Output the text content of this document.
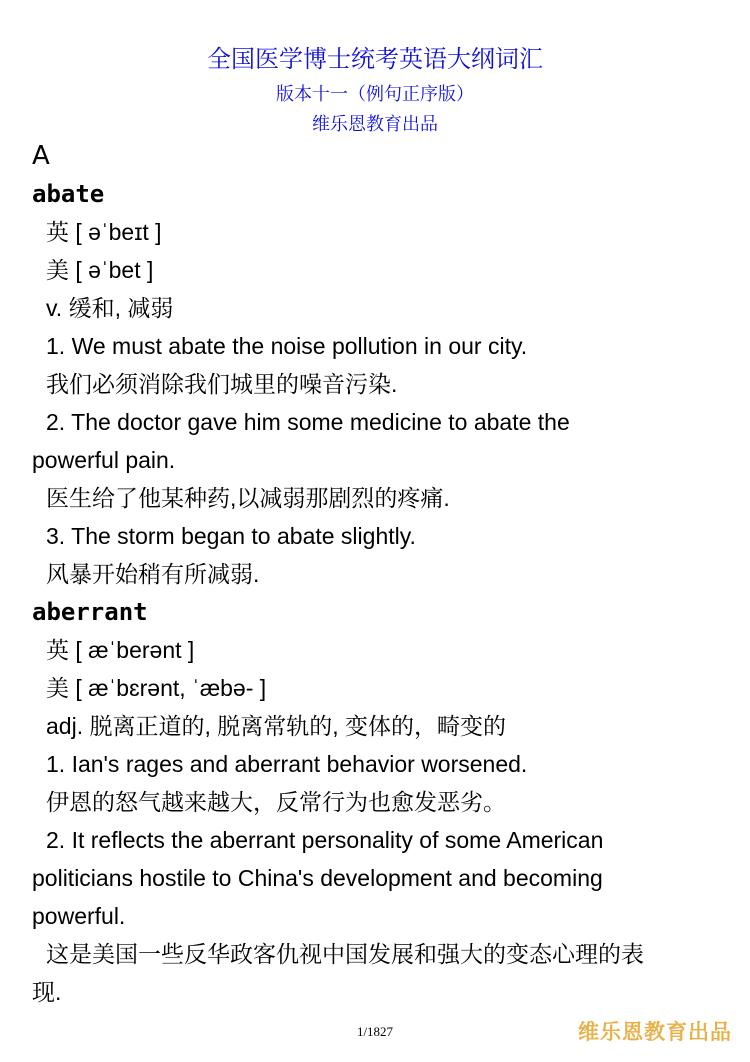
全国医学博士统考英语大纲词汇
版本十一（例句正序版）
维乐恩教育出品
A
abate
英 [ əˈbeɪt ]
美 [ əˈbet ]
v. 缓和, 减弱
1. We must abate the noise pollution in our city.
我们必须消除我们城里的噪音污染.
2. The doctor gave him some medicine to abate the
powerful pain.
医生给了他某种药,以减弱那剧烈的疼痛.
3. The storm began to abate slightly.
风暴开始稍有所减弱.
aberrant
英 [ æˈberənt ]
美 [ æˈbɛrənt, ˈæbə- ]
adj. 脱离正道的, 脱离常轨的, 变体的，畸变的
1. Ian's rages and aberrant behavior worsened.
伊恩的怒气越来越大，反常行为也愈发恶劣。
2. It reflects the aberrant personality of some American
politicians hostile to China's development and becoming
powerful.
这是美国一些反华政客仇视中国发展和强大的变态心理的表
现.
1/1827	维乐恩教育出品
